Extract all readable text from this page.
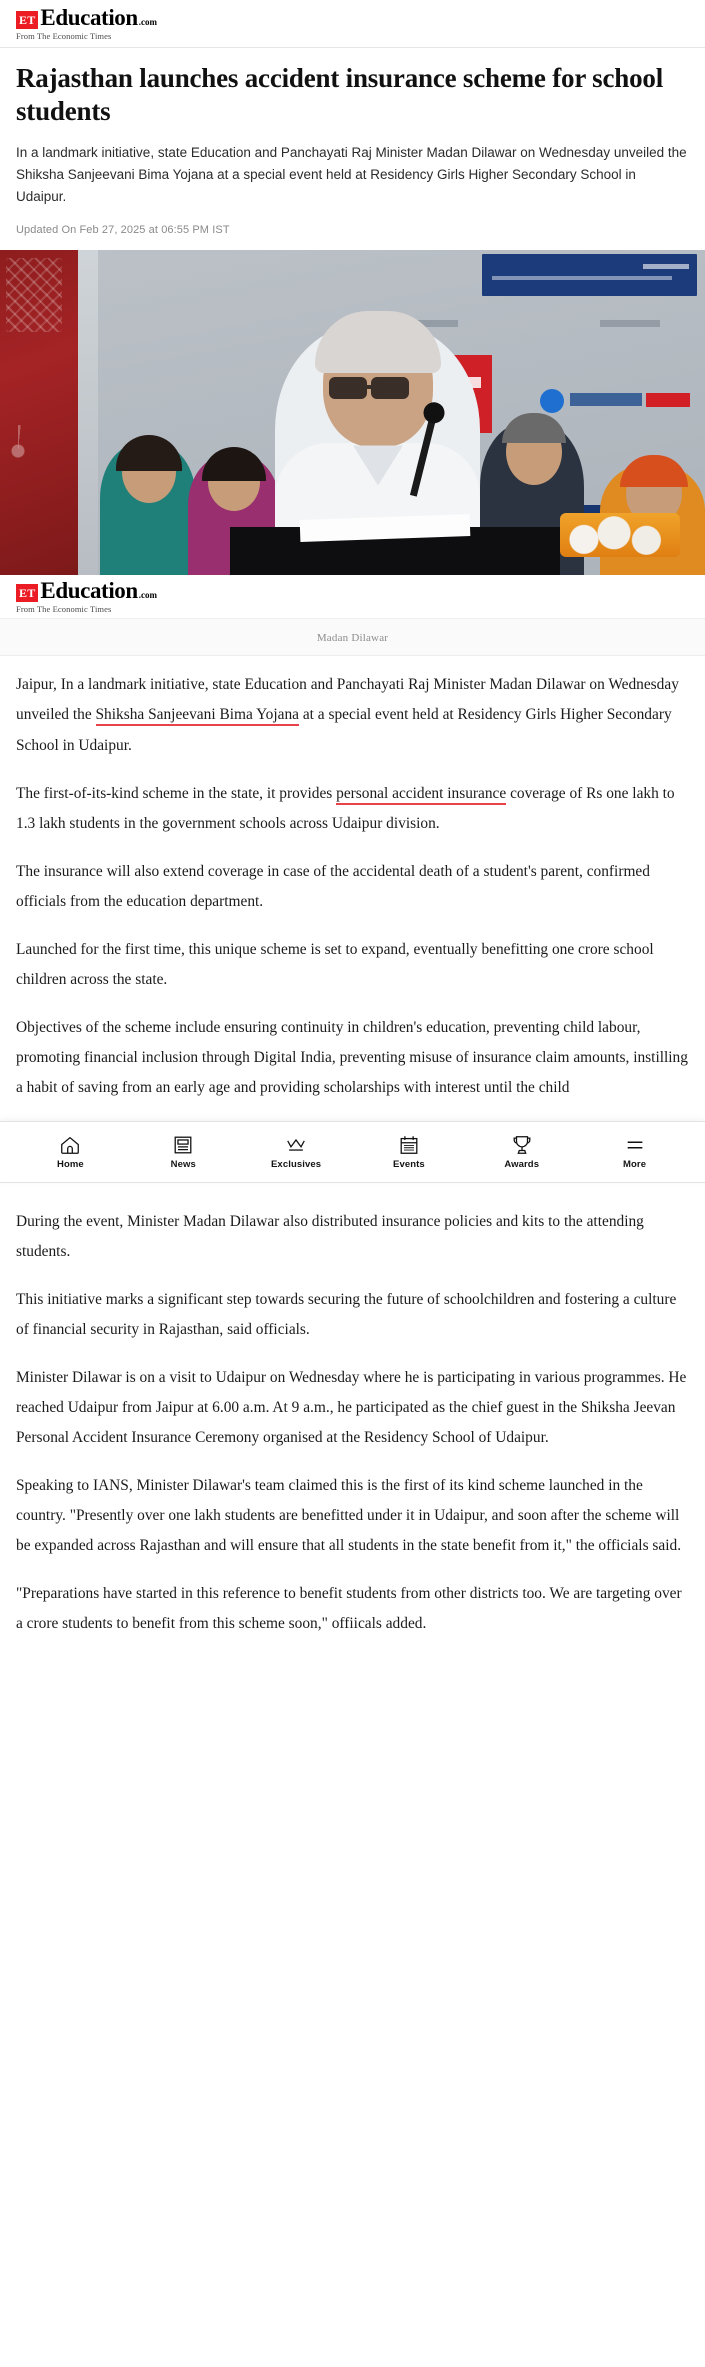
ET Education .com
From The Economic Times
Rajasthan launches accident insurance scheme for school students

In a landmark initiative, state Education and Panchayati Raj Minister Madan Dilawar on Wednesday unveiled the Shiksha Sanjeevani Bima Yojana at a special event held at Residency Girls Higher Secondary School in Udaipur.

Updated On Feb 27, 2025 at 06:55 PM IST
ET Education .com
From The Economic Times
Madan Dilawar

Jaipur, In a landmark initiative, state Education and Panchayati Raj Minister Madan Dilawar on Wednesday unveiled the Shiksha Sanjeevani Bima Yojana at a special event held at Residency Girls Higher Secondary School in Udaipur.

The first-of-its-kind scheme in the state, it provides personal accident insurance coverage of Rs one lakh to 1.3 lakh students in the government schools across Udaipur division.

The insurance will also extend coverage in case of the accidental death of a student's parent, confirmed officials from the education department.

Launched for the first time, this unique scheme is set to expand, eventually benefitting one crore school children across the state.

Objectives of the scheme include ensuring continuity in children's education, preventing child labour, promoting financial inclusion through Digital India, preventing misuse of insurance claim amounts, instilling a habit of saving from an early age and providing scholarships with interest until the child

Home	News	Exclusives	Events	Awards	More

During the event, Minister Madan Dilawar also distributed insurance policies and kits to the attending students.

This initiative marks a significant step towards securing the future of schoolchildren and fostering a culture of financial security in Rajasthan, said officials.

Minister Dilawar is on a visit to Udaipur on Wednesday where he is participating in various programmes. He reached Udaipur from Jaipur at 6.00 a.m. At 9 a.m., he participated as the chief guest in the Shiksha Jeevan Personal Accident Insurance Ceremony organised at the Residency School of Udaipur.

Speaking to IANS, Minister Dilawar's team claimed this is the first of its kind scheme launched in the country. "Presently over one lakh students are benefitted under it in Udaipur, and soon after the scheme will be expanded across Rajasthan and will ensure that all students in the state benefit from it," the officials said.

"Preparations have started in this reference to benefit students from other districts too. We are targeting over a crore students to benefit from this scheme soon," offiicals added.
